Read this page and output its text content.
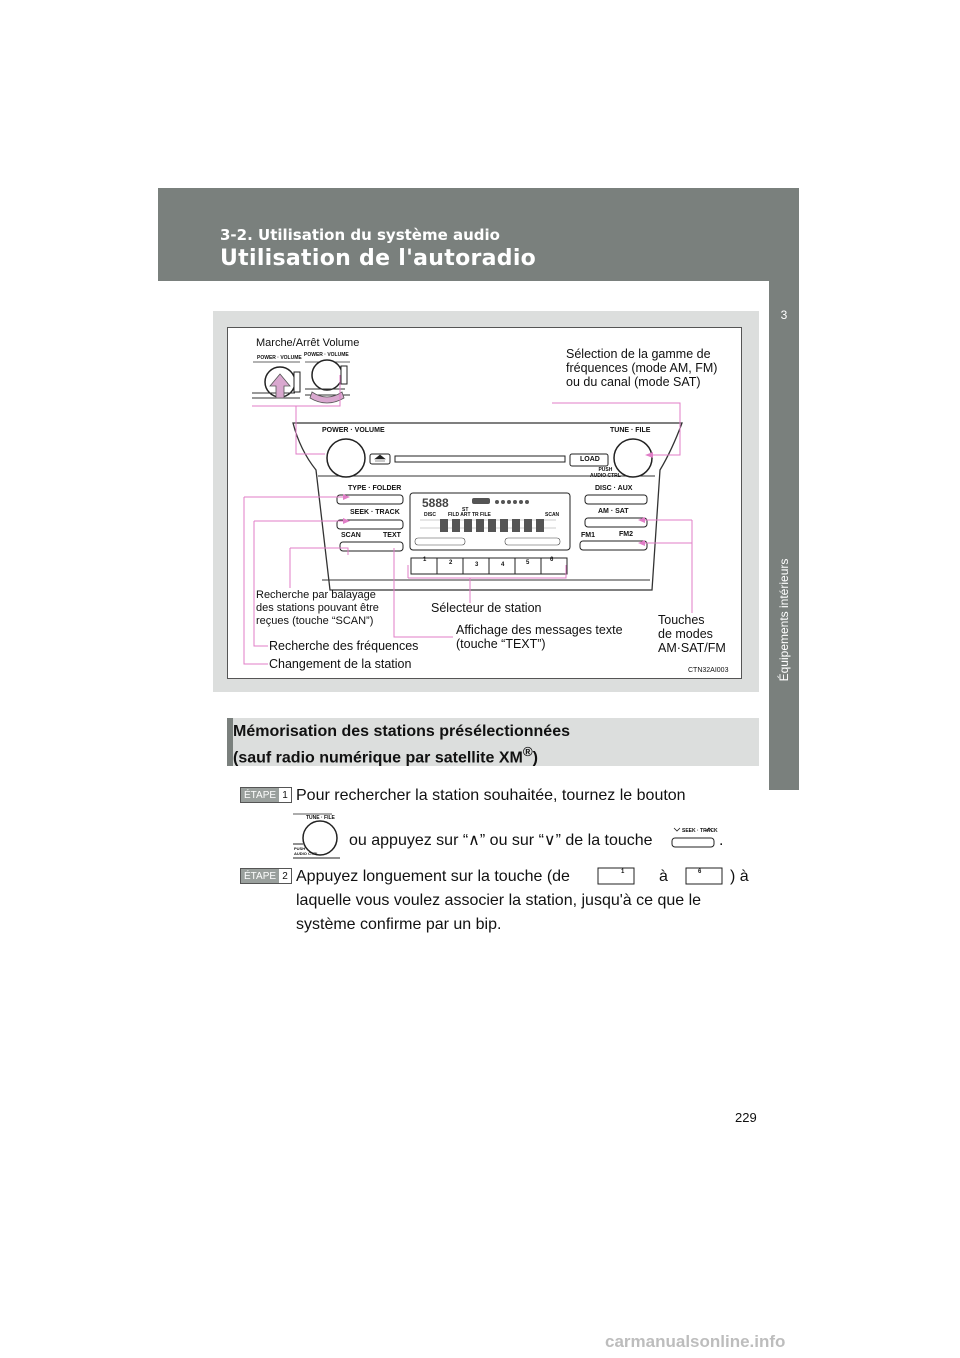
3-2. Utilisation du système audio
Utilisation de l'autoradio
3
Équipements intérieurs
Marche/Arrêt Volume
Sélection de la gamme de
fréquences (mode AM, FM)
ou du canal (mode SAT)
Recherche par balayage
des stations pouvant être
reçues (touche “SCAN”)
Sélecteur de station
Affichage des messages texte
(touche “TEXT”)
Touches
de modes
AM·SAT/FM
Recherche des fréquences
Changement de la station	CTN32AI003
POWER · VOLUME POWER · VOLUME
POWER · VOLUME	TUNE · FILE
LOAD
PUSH
AUDIO CTRL
TYPE · FOLDER
SEEK · TRACK
SCAN	TEXT
DISC · AUX
AM · SAT
FM1	FM2
5888	ST
DISC FILD ART TR FILE	SCAN
1	2	3	4	5	6
Mémorisation des stations présélectionnées
(sauf radio numérique par satellite XM®)
ÉTAPE 1 Pour rechercher la station souhaitée, tournez le bouton
TUNE · FILE
PUSH
AUDIO CTRL
ou appuyez sur “∧” ou sur “∨” de la touche
SEEK · TRACK
.
ÉTAPE 2 Appuyez longuement sur la touche (de	1 à	6 ) à
laquelle vous voulez associer la station, jusqu'à ce que le
système confirme par un bip.
229
carmanualsonline.info
